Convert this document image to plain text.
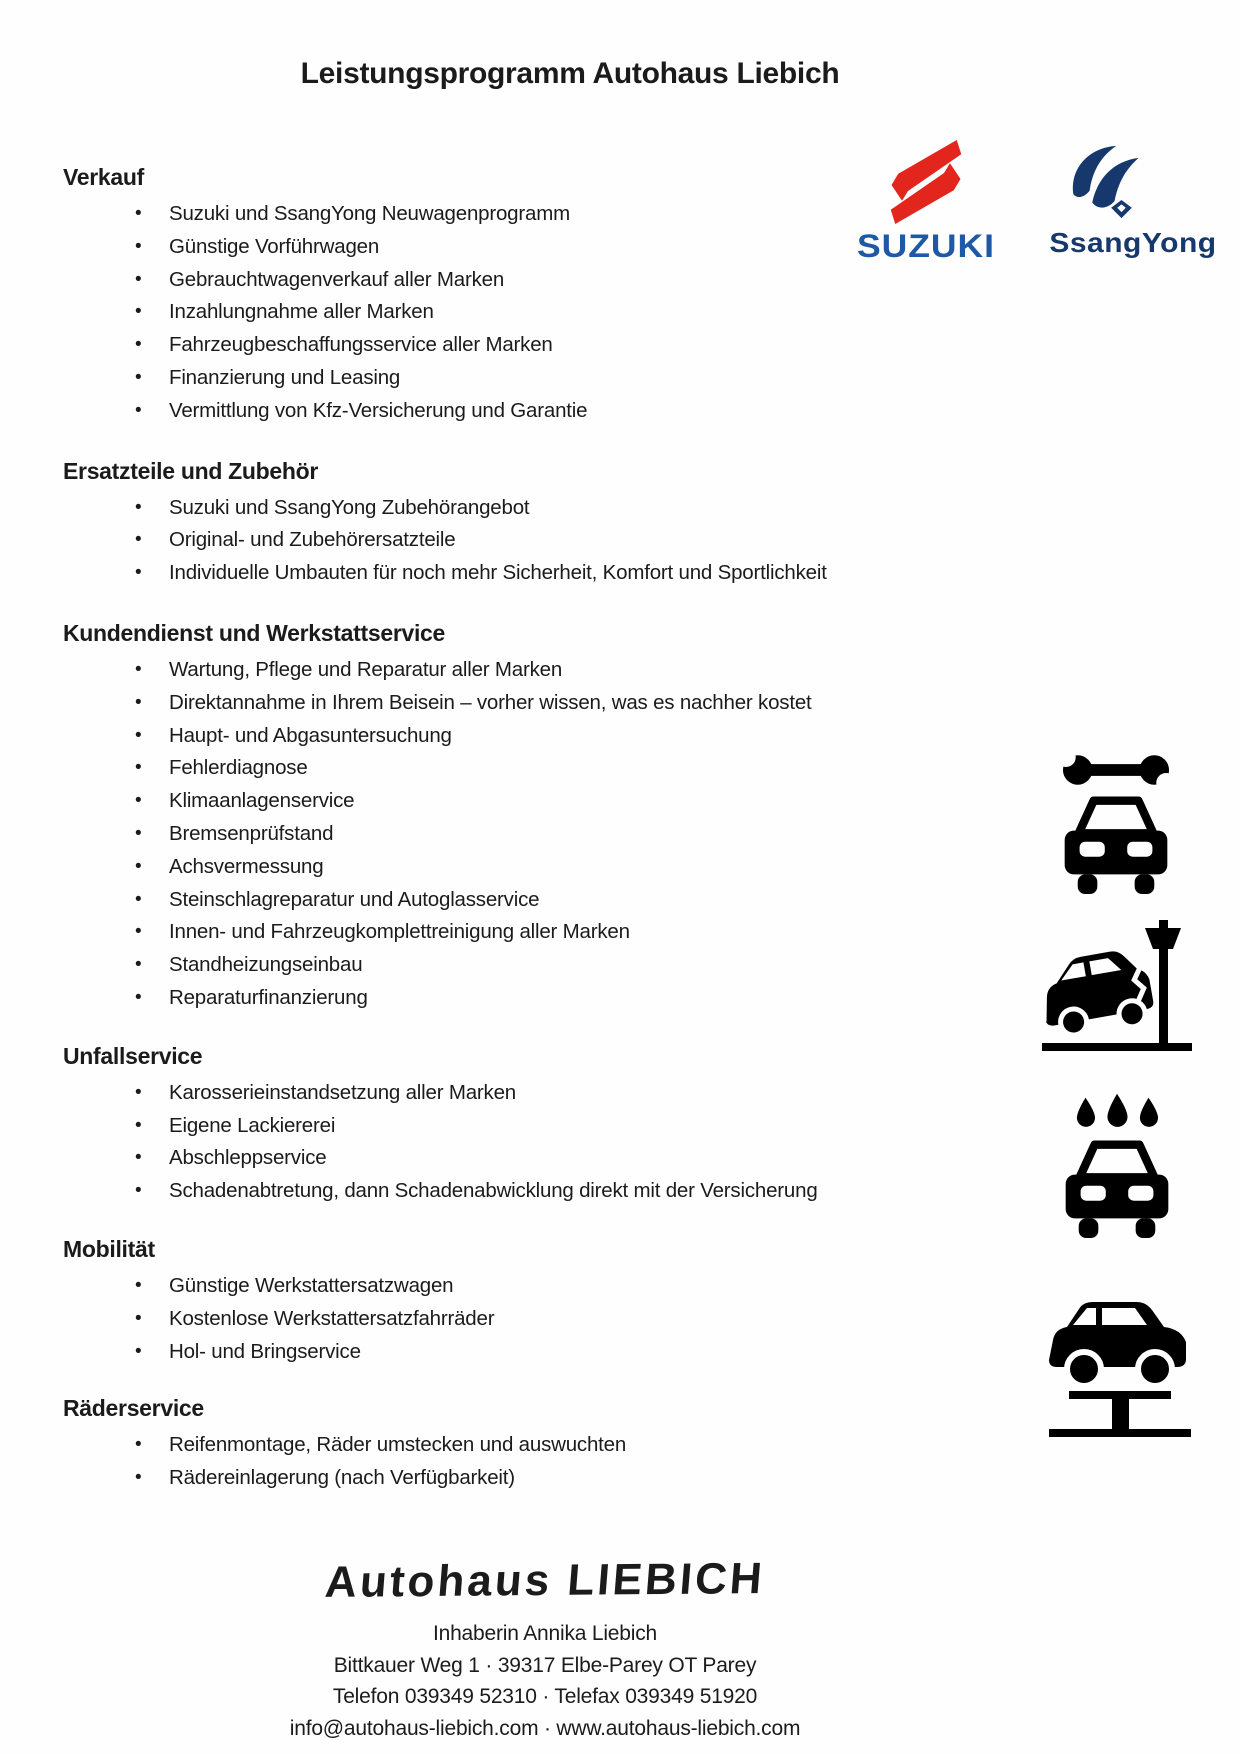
Leistungsprogramm Autohaus Liebich
SUZUKI	SsangYong
Verkauf
• Suzuki und SsangYong Neuwagenprogramm
• Günstige Vorführwagen
• Gebrauchtwagenverkauf aller Marken
• Inzahlungnahme aller Marken
• Fahrzeugbeschaffungsservice aller Marken
• Finanzierung und Leasing
• Vermittlung von Kfz-Versicherung und Garantie
Ersatzteile und Zubehör
• Suzuki und SsangYong Zubehörangebot
• Original- und Zubehörersatzteile
• Individuelle Umbauten für noch mehr Sicherheit, Komfort und Sportlichkeit
Kundendienst und Werkstattservice
• Wartung, Pflege und Reparatur aller Marken
• Direktannahme in Ihrem Beisein – vorher wissen, was es nachher kostet
• Haupt- und Abgasuntersuchung
• Fehlerdiagnose
• Klimaanlagenservice
• Bremsenprüfstand
• Achsvermessung
• Steinschlagreparatur und Autoglasservice
• Innen- und Fahrzeugkomplettreinigung aller Marken
• Standheizungseinbau
• Reparaturfinanzierung
Unfallservice
• Karosserieinstandsetzung aller Marken
• Eigene Lackiererei
• Abschleppservice
• Schadenabtretung, dann Schadenabwicklung direkt mit der Versicherung
Mobilität
• Günstige Werkstattersatzwagen
• Kostenlose Werkstattersatzfahrräder
• Hol- und Bringservice
Räderservice
• Reifenmontage, Räder umstecken und auswuchten
• Rädereinlagerung (nach Verfügbarkeit)
Autohaus LIEBICH
Inhaberin Annika Liebich
Bittkauer Weg 1 · 39317 Elbe-Parey OT Parey
Telefon 039349 52310 · Telefax 039349 51920
info@autohaus-liebich.com · www.autohaus-liebich.com
